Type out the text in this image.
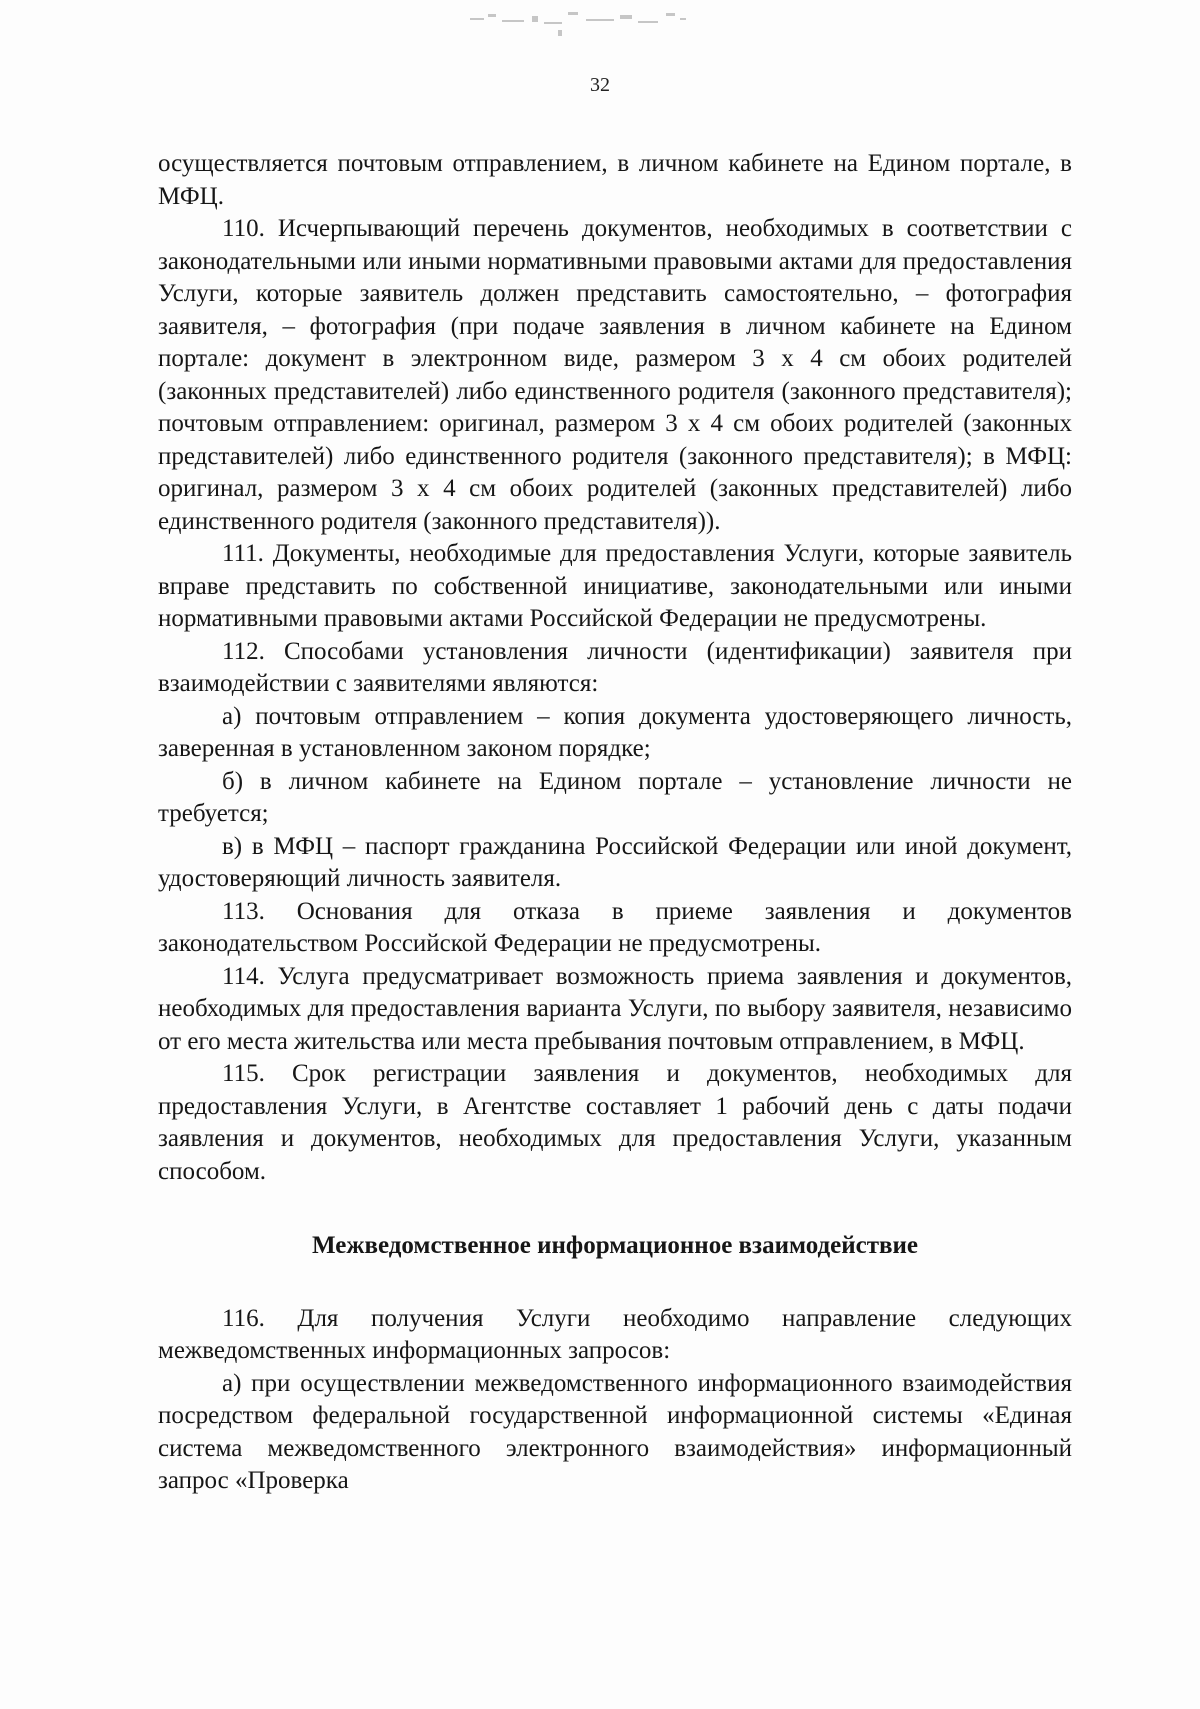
32

осуществляется почтовым отправлением, в личном кабинете на Едином портале, в МФЦ.

110. Исчерпывающий перечень документов, необходимых в соответствии с законодательными или иными нормативными правовыми актами для предоставления Услуги, которые заявитель должен представить самостоятельно, – фотография заявителя, – фотография (при подаче заявления в личном кабинете на Едином портале: документ в электронном виде, размером 3 х 4 см обоих родителей (законных представителей) либо единственного родителя (законного представителя); почтовым отправлением: оригинал, размером 3 х 4 см обоих родителей (законных представителей) либо единственного родителя (законного представителя); в МФЦ: оригинал, размером 3 х 4 см обоих родителей (законных представителей) либо единственного родителя (законного представителя)).

111. Документы, необходимые для предоставления Услуги, которые заявитель вправе представить по собственной инициативе, законодательными или иными нормативными правовыми актами Российской Федерации не предусмотрены.

112. Способами установления личности (идентификации) заявителя при взаимодействии с заявителями являются:

а) почтовым отправлением – копия документа удостоверяющего личность, заверенная в установленном законом порядке;

б) в личном кабинете на Едином портале – установление личности не требуется;

в) в МФЦ – паспорт гражданина Российской Федерации или иной документ, удостоверяющий личность заявителя.

113. Основания для отказа в приеме заявления и документов законодательством Российской Федерации не предусмотрены.

114. Услуга предусматривает возможность приема заявления и документов, необходимых для предоставления варианта Услуги, по выбору заявителя, независимо от его места жительства или места пребывания почтовым отправлением, в МФЦ.

115. Срок регистрации заявления и документов, необходимых для предоставления Услуги, в Агентстве составляет 1 рабочий день с даты подачи заявления и документов, необходимых для предоставления Услуги, указанным способом.

Межведомственное информационное взаимодействие

116. Для получения Услуги необходимо направление следующих межведомственных информационных запросов:

а) при осуществлении межведомственного информационного взаимодействия посредством федеральной государственной информационной системы «Единая система межведомственного электронного взаимодействия» информационный запрос «Проверка
